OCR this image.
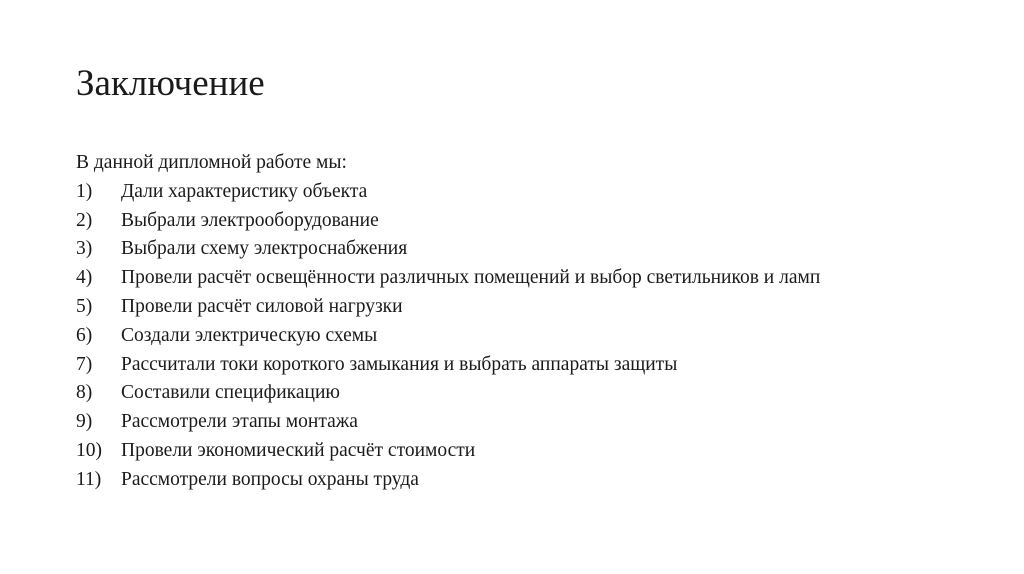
Заключение
В данной дипломной работе мы:
1)	Дали характеристику объекта
2)	Выбрали электрооборудование
3)	Выбрали схему электроснабжения
4)	Провели расчёт освещённости различных помещений и выбор светильников и ламп
5)	Провели расчёт силовой нагрузки
6)	Создали электрическую схемы
7)	Рассчитали токи короткого замыкания и выбрать аппараты защиты
8)	Составили спецификацию
9)	Рассмотрели этапы монтажа
10) Провели экономический расчёт стоимости
11)	Рассмотрели вопросы охраны труда
